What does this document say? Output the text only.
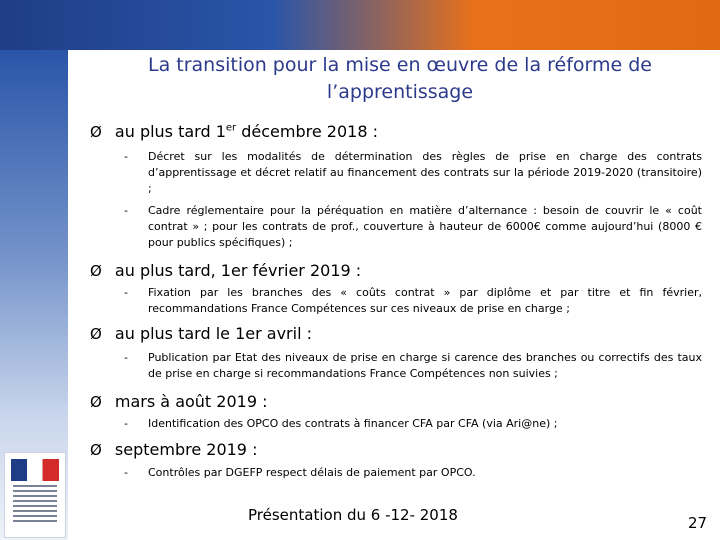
La transition pour la mise en œuvre de la réforme de l’apprentissage
Ø au plus tard 1er décembre 2018 :
-	Décret sur les modalités de détermination des règles de prise en charge des contrats d’apprentissage et décret relatif au financement des contrats sur la période 2019-2020 (transitoire) ;
-	Cadre réglementaire pour la péréquation en matière d’alternance : besoin de couvrir le « coût contrat » ; pour les contrats de prof., couverture à hauteur de 6000€ comme aujourd’hui (8000 € pour publics spécifiques) ;
Ø au plus tard, 1er février 2019 :
-	Fixation par les branches des « coûts contrat » par diplôme et par titre et fin février, recommandations France Compétences sur ces niveaux de prise en charge ;
Ø au plus tard le 1er avril :
-	Publication par Etat des niveaux de prise en charge si carence des branches ou correctifs des taux de prise en charge si recommandations France Compétences non suivies ;
Ø mars à août 2019 :
-	Identification des OPCO des contrats à financer CFA par CFA (via Ari@ne) ;
Ø septembre 2019 :
-	Contrôles par DGEFP respect délais de paiement par OPCO.
Présentation du 6 -12- 2018	27
